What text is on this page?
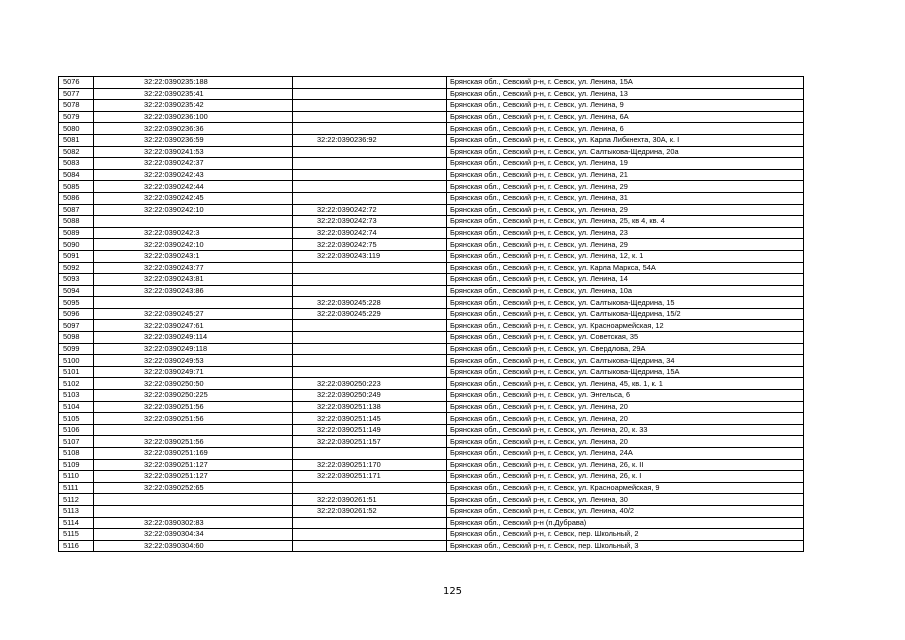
5076	32:22:0390235:188		Брянская обл., Севский р-н, г. Севск, ул. Ленина, 15А
5077	32:22:0390235:41		Брянская обл., Севский р-н, г. Севск, ул. Ленина, 13
5078	32:22:0390235:42		Брянская обл., Севский р-н, г. Севск, ул. Ленина, 9
5079	32:22:0390236:100		Брянская обл., Севский р-н, г. Севск, ул. Ленина, 6А
5080	32:22:0390236:36		Брянская обл., Севский р-н, г. Севск, ул. Ленина, 6
5081	32:22:0390236:59	32:22:0390236:92	Брянская обл., Севский р-н, г. Севск, ул. Карла Либкнехта, 30А, к. I
5082	32:22:0390241:53		Брянская обл., Севский р-н, г. Севск, ул. Салтыкова-Щедрина, 20а
5083	32:22:0390242:37		Брянская обл., Севский р-н, г. Севск, ул. Ленина, 19
5084	32:22:0390242:43		Брянская обл., Севский р-н, г. Севск, ул. Ленина, 21
5085	32:22:0390242:44		Брянская обл., Севский р-н, г. Севск, ул. Ленина, 29
5086	32:22:0390242:45		Брянская обл., Севский р-н, г. Севск, ул. Ленина, 31
5087	32:22:0390242:10	32:22:0390242:72	Брянская обл., Севский р-н, г. Севск, ул. Ленина, 29
5088		32:22:0390242:73	Брянская обл., Севский р-н, г. Севск, ул. Ленина, 25, кв 4, кв. 4
5089	32:22:0390242:3	32:22:0390242:74	Брянская обл., Севский р-н, г. Севск, ул. Ленина, 23
5090	32:22:0390242:10	32:22:0390242:75	Брянская обл., Севский р-н, г. Севск, ул. Ленина, 29
5091	32:22:0390243:1	32:22:0390243:119	Брянская обл., Севский р-н, г. Севск, ул. Ленина, 12, к. 1
5092	32:22:0390243:77		Брянская обл., Севский р-н, г. Севск, ул. Карла Маркса, 54А
5093	32:22:0390243:81		Брянская обл., Севский р-н, г. Севск, ул. Ленина, 14
5094	32:22:0390243:86		Брянская обл., Севский р-н, г. Севск, ул. Ленина, 10а
5095		32:22:0390245:228	Брянская обл., Севский р-н, г. Севск, ул. Салтыкова-Щедрина, 15
5096	32:22:0390245:27	32:22:0390245:229	Брянская обл., Севский р-н, г. Севск, ул. Салтыкова-Щедрина, 15/2
5097	32:22:0390247:61		Брянская обл., Севский р-н, г. Севск, ул. Красноармейская, 12
5098	32:22:0390249:114		Брянская обл., Севский р-н, г. Севск, ул. Советская, 35
5099	32:22:0390249:118		Брянская обл., Севский р-н, г. Севск, ул. Свердлова, 29А
5100	32:22:0390249:53		Брянская обл., Севский р-н, г. Севск, ул. Салтыкова-Щедрина, 34
5101	32:22:0390249:71		Брянская обл., Севский р-н, г. Севск, ул. Салтыкова-Щедрина, 15А
5102	32:22:0390250:50	32:22:0390250:223	Брянская обл., Севский р-н, г. Севск, ул. Ленина, 45, кв. 1, к. 1
5103	32:22:0390250:225	32:22:0390250:249	Брянская обл., Севский р-н, г. Севск, ул. Энгельса, 6
5104	32:22:0390251:56	32:22:0390251:138	Брянская обл., Севский р-н, г. Севск, ул. Ленина, 20
5105	32:22:0390251:56	32:22:0390251:145	Брянская обл., Севский р-н, г. Севск, ул. Ленина, 20
5106		32:22:0390251:149	Брянская обл., Севский р-н, г. Севск, ул. Ленина, 20, к. 33
5107	32:22:0390251:56	32:22:0390251:157	Брянская обл., Севский р-н, г. Севск, ул. Ленина, 20
5108	32:22:0390251:169		Брянская обл., Севский р-н, г. Севск, ул. Ленина, 24А
5109	32:22:0390251:127	32:22:0390251:170	Брянская обл., Севский р-н, г. Севск, ул. Ленина, 26, к. II
5110	32:22:0390251:127	32:22:0390251:171	Брянская обл., Севский р-н, г. Севск, ул. Ленина, 26, к. I
5111	32:22:0390252:65		Брянская обл., Севский р-н, г. Севск, ул. Красноармейская, 9
5112		32:22:0390261:51	Брянская обл., Севский р-н, г. Севск, ул. Ленина, 30
5113		32:22:0390261:52	Брянская обл., Севский р-н, г. Севск, ул. Ленина, 40/2
5114	32:22:0390302:83		Брянская обл., Севский р-н (п.Дубрава)
5115	32:22:0390304:34		Брянская обл., Севский р-н, г. Севск, пер. Школьный, 2
5116	32:22:0390304:60		Брянская обл., Севский р-н, г. Севск, пер. Школьный, 3
125
